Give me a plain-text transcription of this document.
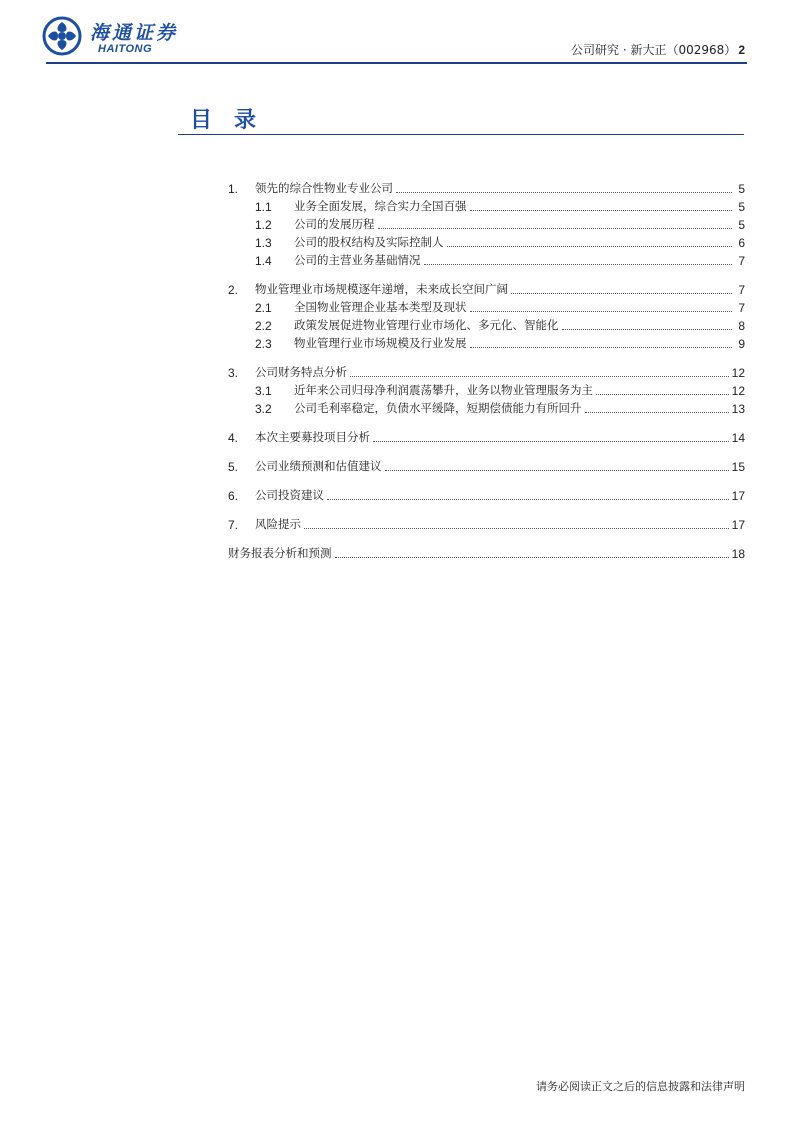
海通证券
HAITONG	公司研究 · 新大正（002968） 2
目录
1.	领先的综合性物业专业公司	5
1.1	业务全面发展，综合实力全国百强	5
1.2	公司的发展历程	5
1.3	公司的股权结构及实际控制人	6
1.4	公司的主营业务基础情况	7
2.	物业管理业市场规模逐年递增，未来成长空间广阔	7
2.1	全国物业管理企业基本类型及现状	7
2.2	政策发展促进物业管理行业市场化、多元化、智能化	8
2.3	物业管理行业市场规模及行业发展	9
3.	公司财务特点分析	12
3.1	近年来公司归母净利润震荡攀升，业务以物业管理服务为主	12
3.2	公司毛利率稳定，负债水平缓降，短期偿债能力有所回升	13
4.	本次主要募投项目分析	14
5.	公司业绩预测和估值建议	15
6.	公司投资建议	17
7.	风险提示	17
财务报表分析和预测	18
请务必阅读正文之后的信息披露和法律声明
